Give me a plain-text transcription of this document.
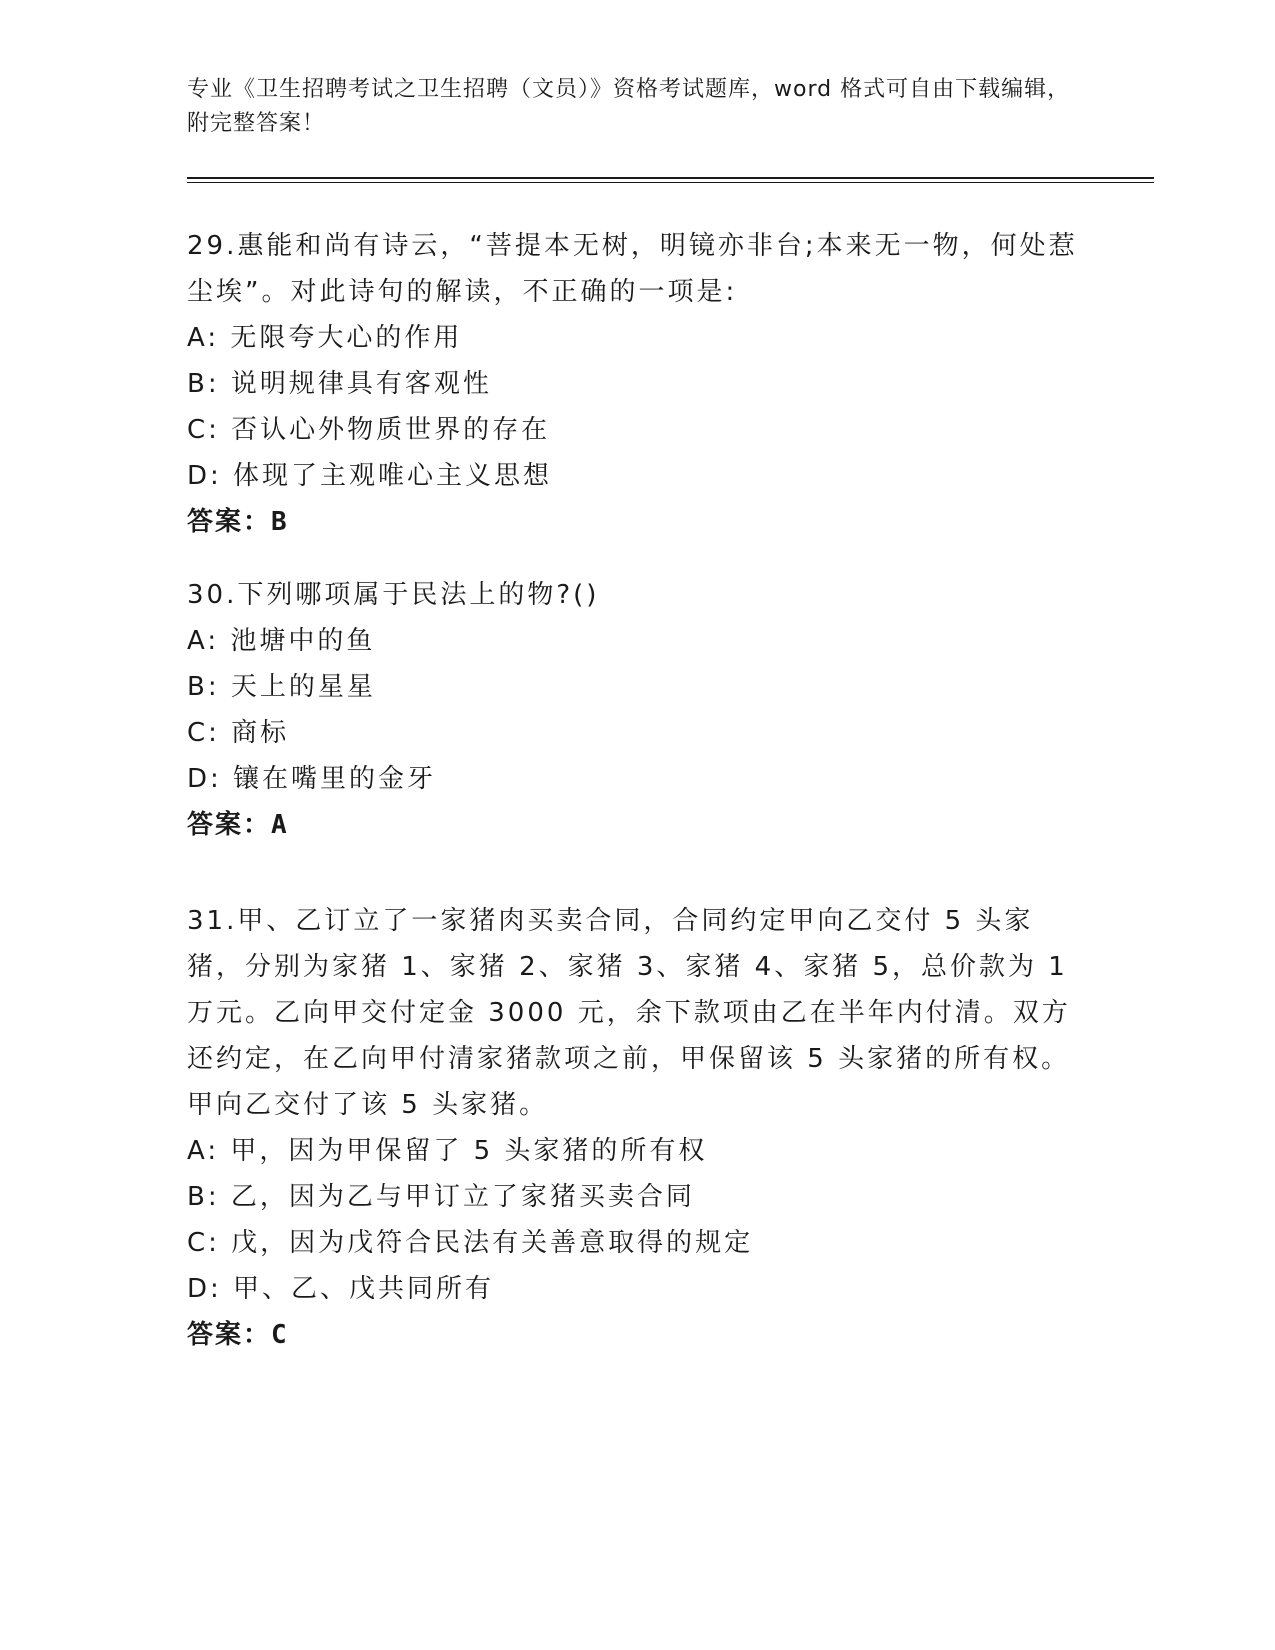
专业《卫生招聘考试之卫生招聘（文员）》资格考试题库，word 格式可自由下载编辑，附完整答案！
29.惠能和尚有诗云，“菩提本无树，明镜亦非台;本来无一物，何处惹尘埃”。对此诗句的解读，不正确的一项是:
A: 无限夸大心的作用
B: 说明规律具有客观性
C: 否认心外物质世界的存在
D: 体现了主观唯心主义思想
答案：B
30.下列哪项属于民法上的物?()
A: 池塘中的鱼
B: 天上的星星
C: 商标
D: 镶在嘴里的金牙
答案：A
31.甲、乙订立了一家猪肉买卖合同，合同约定甲向乙交付 5 头家猪，分别为家猪 1、家猪 2、家猪 3、家猪 4、家猪 5，总价款为 1 万元。乙向甲交付定金 3000 元，余下款项由乙在半年内付清。双方还约定，在乙向甲付清家猪款项之前，甲保留该 5 头家猪的所有权。甲向乙交付了该 5 头家猪。
A: 甲，因为甲保留了 5 头家猪的所有权
B: 乙，因为乙与甲订立了家猪买卖合同
C: 戊，因为戊符合民法有关善意取得的规定
D: 甲、乙、戊共同所有
答案：C
